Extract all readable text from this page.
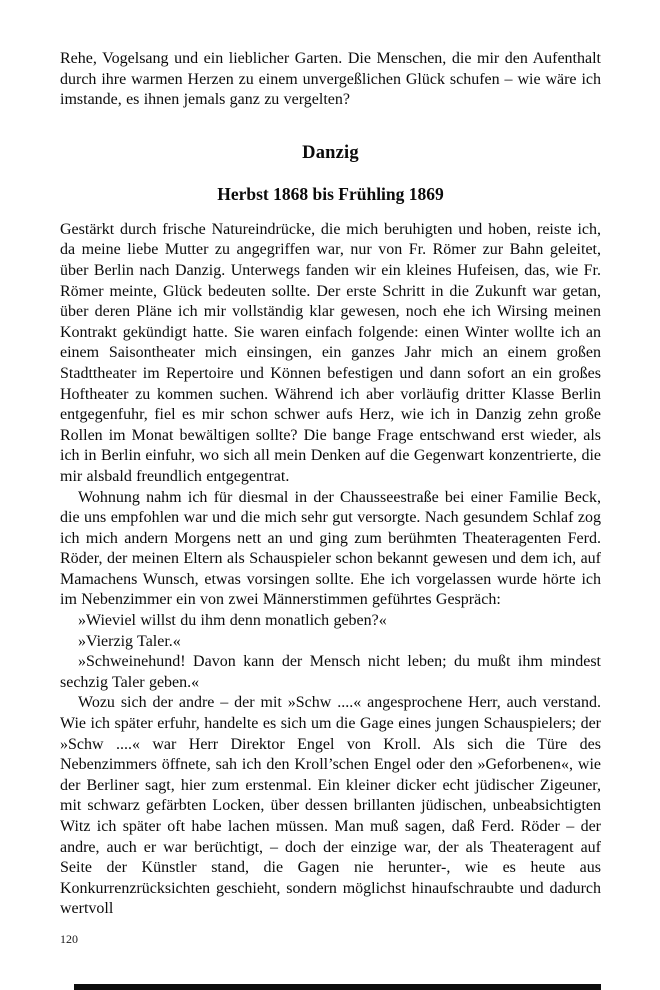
Rehe, Vogelsang und ein lieblicher Garten. Die Menschen, die mir den Aufenthalt durch ihre warmen Herzen zu einem unvergeßlichen Glück schufen – wie wäre ich imstande, es ihnen jemals ganz zu vergelten?

Danzig
Herbst 1868 bis Frühling 1869

Gestärkt durch frische Natureindrücke, die mich beruhigten und hoben, reiste ich, da meine liebe Mutter zu angegriffen war, nur von Fr. Römer zur Bahn geleitet, über Berlin nach Danzig. Unterwegs fanden wir ein kleines Hufeisen, das, wie Fr. Römer meinte, Glück bedeuten sollte. Der erste Schritt in die Zukunft war getan, über deren Pläne ich mir vollständig klar gewesen, noch ehe ich Wirsing meinen Kontrakt gekündigt hatte. Sie waren einfach folgende: einen Winter wollte ich an einem Saisontheater mich einsingen, ein ganzes Jahr mich an einem großen Stadttheater im Repertoire und Können befestigen und dann sofort an ein großes Hoftheater zu kommen suchen. Während ich aber vorläufig dritter Klasse Berlin entgegenfuhr, fiel es mir schon schwer aufs Herz, wie ich in Danzig zehn große Rollen im Monat bewältigen sollte? Die bange Frage entschwand erst wieder, als ich in Berlin einfuhr, wo sich all mein Denken auf die Gegenwart konzentrierte, die mir alsbald freundlich entgegentrat.

Wohnung nahm ich für diesmal in der Chausseestraße bei einer Familie Beck, die uns empfohlen war und die mich sehr gut versorgte. Nach gesundem Schlaf zog ich mich andern Morgens nett an und ging zum berühmten Theateragenten Ferd. Röder, der meinen Eltern als Schauspieler schon bekannt gewesen und dem ich, auf Mamachens Wunsch, etwas vorsingen sollte. Ehe ich vorgelassen wurde hörte ich im Nebenzimmer ein von zwei Männerstimmen geführtes Gespräch:

»Wieviel willst du ihm denn monatlich geben?«

»Vierzig Taler.«

»Schweinehund! Davon kann der Mensch nicht leben; du mußt ihm mindest sechzig Taler geben.«

Wozu sich der andre – der mit »Schw ....« angesprochene Herr, auch verstand. Wie ich später erfuhr, handelte es sich um die Gage eines jungen Schauspielers; der »Schw ....« war Herr Direktor Engel von Kroll. Als sich die Türe des Nebenzimmers öffnete, sah ich den Kroll’schen Engel oder den »Geforbenen«, wie der Berliner sagt, hier zum erstenmal. Ein kleiner dicker echt jüdischer Zigeuner, mit schwarz gefärbten Locken, über dessen brillanten jüdischen, unbeabsichtigten Witz ich später oft habe lachen müssen. Man muß sagen, daß Ferd. Röder – der andre, auch er war berüchtigt, – doch der einzige war, der als Theateragent auf Seite der Künstler stand, die Gagen nie herunter-, wie es heute aus Konkurrenzrücksichten geschieht, sondern möglichst hinaufschraubte und dadurch wertvoll

120
